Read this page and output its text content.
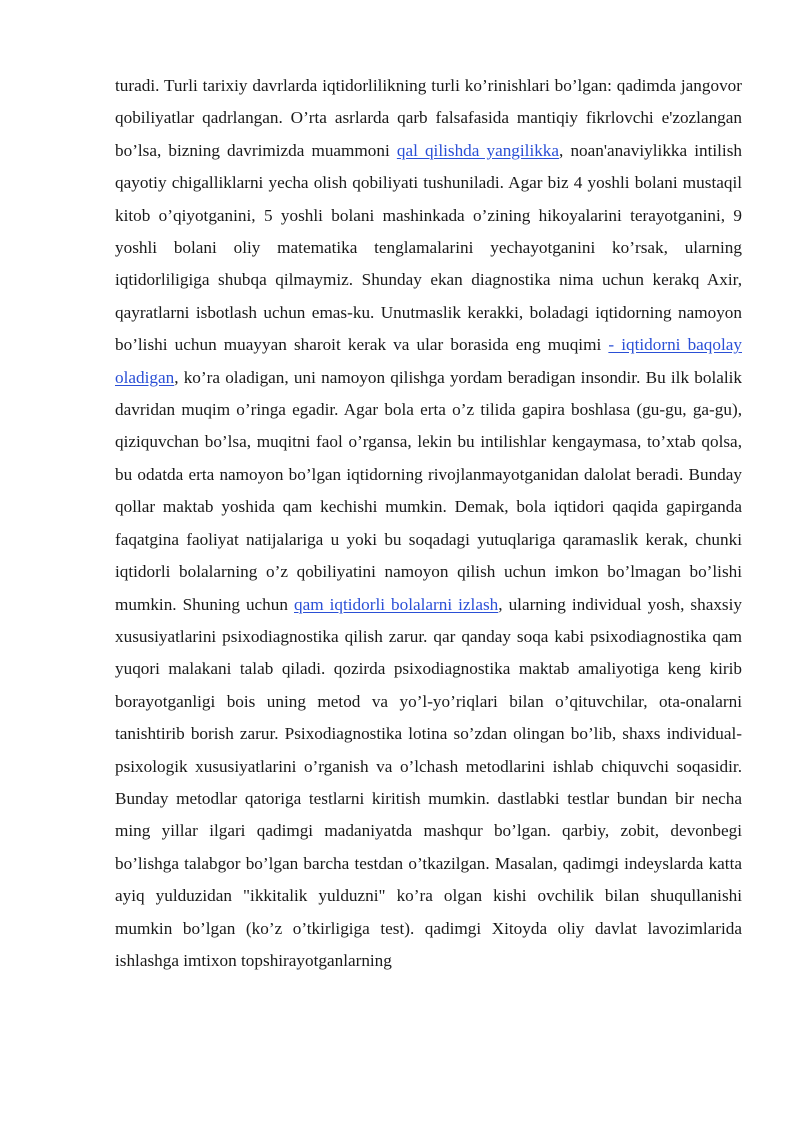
turadi. Turli tarixiy davrlarda iqtidorlilikning turli ko’rinishlari bo’lgan: qadimda jangovor qobiliyatlar qadrlangan. O’rta asrlarda qarb falsafasida mantiqiy fikrlovchi e'zozlangan bo’lsa, bizning davrimizda muammoni qal qilishda yangilikka, noan'anaviylikka intilish qayotiy chigalliklarni yecha olish qobiliyati tushuniladi. Agar biz 4 yoshli bolani mustaqil kitob o’qiyotganini, 5 yoshli bolani mashinkada o’zining hikoyalarini terayotganini, 9 yoshli bolani oliy matematika tenglamalarini yechayotganini ko’rsak, ularning iqtidorliligiga shubqa qilmaymiz. Shunday ekan diagnostika nima uchun kerakq Axir, qayratlarni isbotlash uchun emas-ku. Unutmaslik kerakki, boladagi iqtidorning namoyon bo’lishi uchun muayyan sharoit kerak va ular borasida eng muqimi - iqtidorni baqolay oladigan, ko’ra oladigan, uni namoyon qilishga yordam beradigan insondir. Bu ilk bolalik davridan muqim o’ringa egadir. Agar bola erta o’z tilida gapira boshlasa (gu-gu, ga-gu), qiziquvchan bo’lsa, muqitni faol o’rgansa, lekin bu intilishlar kengaymasa, to’xtab qolsa, bu odatda erta namoyon bo’lgan iqtidorning rivojlanmayotganidan dalolat beradi. Bunday qollar maktab yoshida qam kechishi mumkin. Demak, bola iqtidori qaqida gapirganda faqatgina faoliyat natijalariga u yoki bu soqadagi yutuqlariga qaramaslik kerak, chunki iqtidorli bolalarning o’z qobiliyatini namoyon qilish uchun imkon bo’lmagan bo’lishi mumkin. Shuning uchun qam iqtidorli bolalarni izlash, ularning individual yosh, shaxsiy xususiyatlarini psixodiagnostika qilish zarur. qar qanday soqa kabi psixodiagnostika qam yuqori malakani talab qiladi. qozirda psixodiagnostika maktab amaliyotiga keng kirib borayotganligi bois uning metod va yo’l-yo’riqlari bilan o’qituvchilar, ota-onalarni tanishtirib borish zarur. Psixodiagnostika lotina so’zdan olingan bo’lib, shaxs individual-psixologik xususiyatlarini o’rganish va o’lchash metodlarini ishlab chiquvchi soqasidir. Bunday metodlar qatoriga testlarni kiritish mumkin. dastlabki testlar bundan bir necha ming yillar ilgari qadimgi madaniyatda mashqur bo’lgan. qarbiy, zobit, devonbegi bo’lishga talabgor bo’lgan barcha testdan o’tkazilgan. Masalan, qadimgi indeyslarda katta ayiq yulduzidan "ikkitalik yulduzni" ko’ra olgan kishi ovchilik bilan shuqullanishi mumkin bo’lgan (ko’z o’tkirligiga test). qadimgi Xitoyda oliy davlat lavozimlarida ishlashga imtixon topshirayotganlarning
